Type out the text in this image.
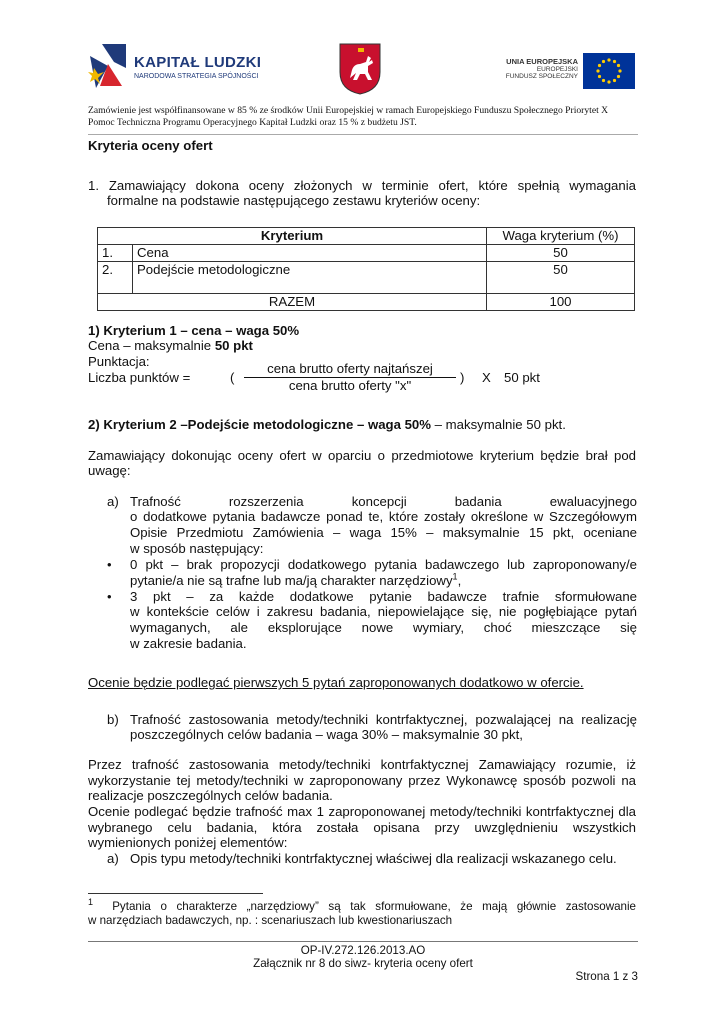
KAPITAŁ LUDZKI
NARODOWA STRATEGIA SPÓJNOŚCI
UNIA EUROPEJSKA
EUROPEJSKI
FUNDUSZ SPOŁECZNY
Zamówienie jest współfinansowane w 85 % ze środków Unii Europejskiej w ramach Europejskiego Funduszu Społecznego Priorytet X
Pomoc Techniczna Programu Operacyjnego Kapitał Ludzki oraz 15 % z budżetu JST.
Kryteria oceny ofert
1. Zamawiający dokona oceny złożonych w terminie ofert, które spełnią wymagania
formalne na podstawie następującego zestawu kryteriów oceny:
Kryterium		Waga kryterium (%)
1.	Cena	50
2.	Podejście metodologiczne	50
RAZEM		100
1) Kryterium 1 – cena – waga 50%
Cena – maksymalnie 50 pkt
Punktacja:
Liczba punktów =	(
cena brutto oferty najtańszej
cena brutto oferty "x"
) X 50 pkt
2) Kryterium 2 –Podejście metodologiczne – waga 50% – maksymalnie 50 pkt.
Zamawiający dokonując oceny ofert w oparciu o przedmiotowe kryterium będzie brał pod
uwagę:
a) Trafność rozszerzenia koncepcji badania ewaluacyjnego
o dodatkowe pytania badawcze ponad te, które zostały określone w Szczegółowym
Opisie Przedmiotu Zamówienia – waga 15% – maksymalnie 15 pkt, oceniane
w sposób następujący:
• 0 pkt – brak propozycji dodatkowego pytania badawczego lub zaproponowany/e
pytanie/a nie są trafne lub ma/ją charakter narzędziowy$^1$,
• 3 pkt – za każde dodatkowe pytanie badawcze trafnie sformułowane
w kontekście celów i zakresu badania, niepowielające się, nie pogłębiające pytań
wymaganych, ale eksplorujące nowe wymiary, choć mieszczące się
w zakresie badania.
Ocenie będzie podlegać pierwszych 5 pytań zaproponowanych dodatkowo w ofercie.
b) Trafność zastosowania metody/techniki kontrfaktycznej, pozwalającej na realizację
poszczególnych celów badania – waga 30% – maksymalnie 30 pkt,
Przez trafność zastosowania metody/techniki kontrfaktycznej Zamawiający rozumie, iż
wykorzystanie tej metody/techniki w zaproponowany przez Wykonawcę sposób pozwoli na
realizacje poszczególnych celów badania.
Ocenie podlegać będzie trafność max 1 zaproponowanej metody/techniki kontrfaktycznej dla
wybranego celu badania, która została opisana przy uwzględnieniu wszystkich
wymienionych poniżej elementów:
a) Opis typu metody/techniki kontrfaktycznej właściwej dla realizacji wskazanego celu.
$^1$ Pytania o charakterze „narzędziowy” są tak sformułowane, że mają głównie zastosowanie
w narzędziach badawczych, np. : scenariuszach lub kwestionariuszach
OP-IV.272.126.2013.AO
Załącznik nr 8 do siwz- kryteria oceny ofert
Strona 1 z 3
